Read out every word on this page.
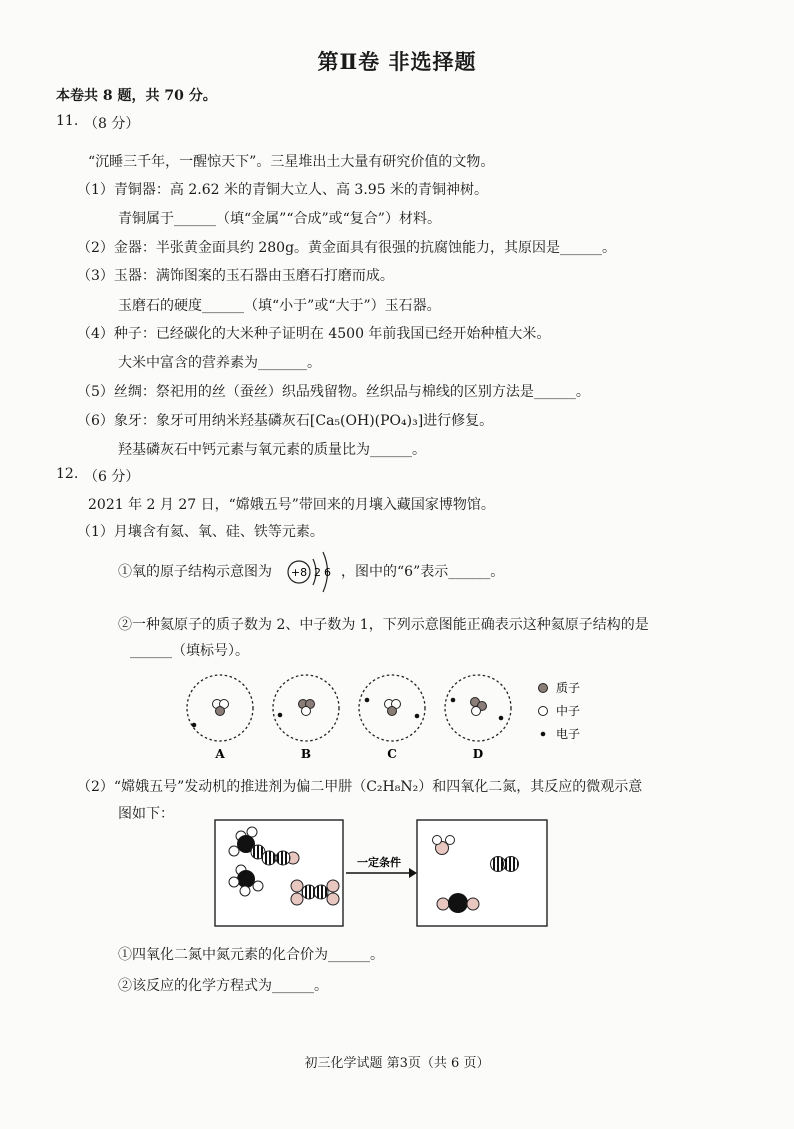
第Ⅱ卷 非选择题
本卷共 8 题，共 70 分。
11. （8 分）
“沉睡三千年，一醒惊天下”。三星堆出土大量有研究价值的文物。
（1）青铜器：高 2.62 米的青铜大立人、高 3.95 米的青铜神树。
青铜属于______（填“金属”“合成”或“复合”）材料。
（2）金器：半张黄金面具约 280g。黄金面具有很强的抗腐蚀能力，其原因是______。
（3）玉器：满饰图案的玉石器由玉磨石打磨而成。
玉磨石的硬度______（填“小于”或“大于”）玉石器。
（4）种子：已经碳化的大米种子证明在 4500 年前我国已经开始种植大米。
大米中富含的营养素为_______。
（5）丝绸：祭祀用的丝（蚕丝）织品残留物。丝织品与棉线的区别方法是______。
（6）象牙：象牙可用纳米羟基磷灰石[Ca₅(OH)(PO₄)₃]进行修复。
羟基磷灰石中钙元素与氧元素的质量比为______。
12. （6 分）
2021 年 2 月 27 日，“嫦娥五号”带回来的月壤入藏国家博物馆。
（1）月壤含有氦、氧、硅、铁等元素。
①氧的原子结构示意图为 +8 2 6 ，图中的“6”表示______。
②一种氦原子的质子数为 2、中子数为 1，下列示意图能正确表示这种氦原子结构的是
______（填标号）。
A	B	C	D
质子
中子
电子
（2）“嫦娥五号”发动机的推进剂为偏二甲肼（C₂H₈N₂）和四氧化二氮，其反应的微观示意
图如下：
一定条件
①四氧化二氮中氮元素的化合价为______。
②该反应的化学方程式为______。
初三化学试题 第3页（共 6 页）
